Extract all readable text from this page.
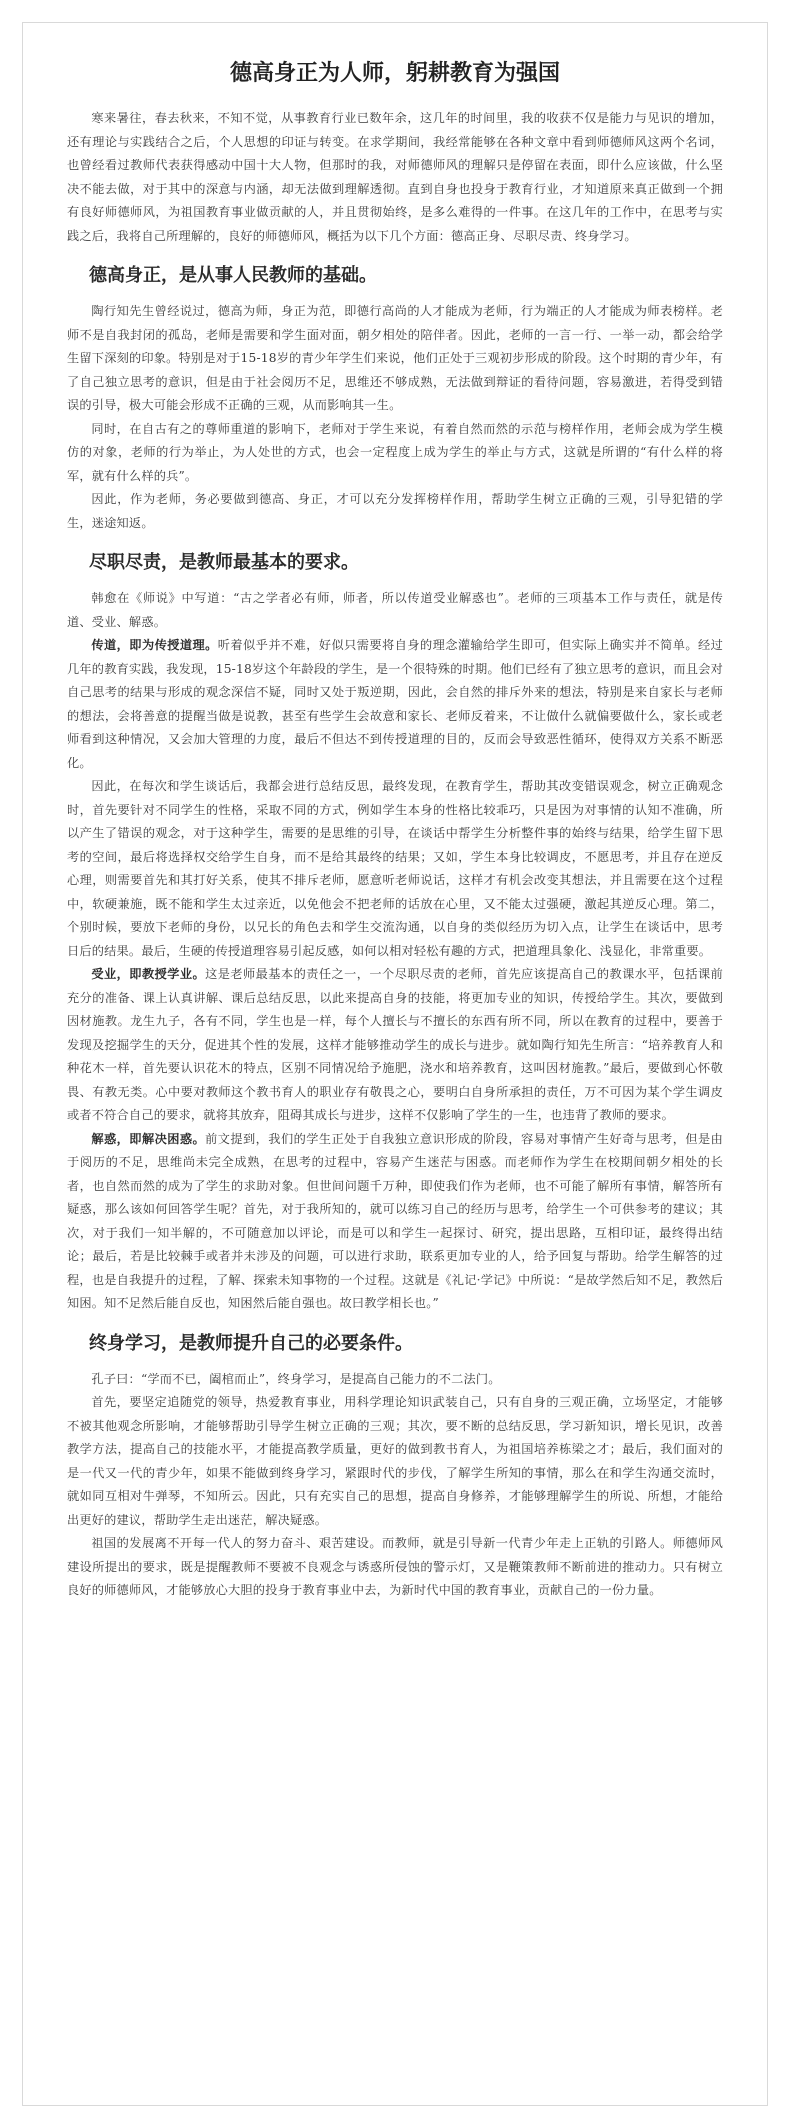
德高身正为人师，躬耕教育为强国

寒来暑往，春去秋来，不知不觉，从事教育行业已数年余，这几年的时间里，我的收获不仅是能力与见识的增加，还有理论与实践结合之后，个人思想的印证与转变。在求学期间，我经常能够在各种文章中看到师德师风这两个名词，也曾经看过教师代表获得感动中国十大人物，但那时的我，对师德师风的理解只是停留在表面，即什么应该做，什么坚决不能去做，对于其中的深意与内涵，却无法做到理解透彻。直到自身也投身于教育行业，才知道原来真正做到一个拥有良好师德师风，为祖国教育事业做贡献的人，并且贯彻始终，是多么难得的一件事。在这几年的工作中，在思考与实践之后，我将自己所理解的，良好的师德师风，概括为以下几个方面：德高正身、尽职尽责、终身学习。

德高身正，是从事人民教师的基础。

陶行知先生曾经说过，德高为师，身正为范，即德行高尚的人才能成为老师，行为端正的人才能成为师表榜样。老师不是自我封闭的孤岛，老师是需要和学生面对面，朝夕相处的陪伴者。因此，老师的一言一行、一举一动，都会给学生留下深刻的印象。特别是对于15-18岁的青少年学生们来说，他们正处于三观初步形成的阶段。这个时期的青少年，有了自己独立思考的意识，但是由于社会阅历不足，思维还不够成熟，无法做到辩证的看待问题，容易激进，若得受到错误的引导，极大可能会形成不正确的三观，从而影响其一生。

同时，在自古有之的尊师重道的影响下，老师对于学生来说，有着自然而然的示范与榜样作用，老师会成为学生模仿的对象，老师的行为举止，为人处世的方式，也会一定程度上成为学生的举止与方式，这就是所谓的“有什么样的将军，就有什么样的兵”。

因此，作为老师，务必要做到德高、身正，才可以充分发挥榜样作用，帮助学生树立正确的三观，引导犯错的学生，迷途知返。

尽职尽责，是教师最基本的要求。

韩愈在《师说》中写道：“古之学者必有师，师者，所以传道受业解惑也”。老师的三项基本工作与责任，就是传道、受业、解惑。

传道，即为传授道理。听着似乎并不难，好似只需要将自身的理念灌输给学生即可，但实际上确实并不简单。经过几年的教育实践，我发现，15-18岁这个年龄段的学生，是一个很特殊的时期。他们已经有了独立思考的意识，而且会对自己思考的结果与形成的观念深信不疑，同时又处于叛逆期，因此，会自然的排斥外来的想法，特别是来自家长与老师的想法，会将善意的提醒当做是说教，甚至有些学生会故意和家长、老师反着来，不让做什么就偏要做什么，家长或老师看到这种情况，又会加大管理的力度，最后不但达不到传授道理的目的，反而会导致恶性循环，使得双方关系不断恶化。

因此，在每次和学生谈话后，我都会进行总结反思，最终发现，在教育学生，帮助其改变错误观念，树立正确观念时，首先要针对不同学生的性格，采取不同的方式，例如学生本身的性格比较乖巧，只是因为对事情的认知不准确，所以产生了错误的观念，对于这种学生，需要的是思维的引导，在谈话中帮学生分析整件事的始终与结果，给学生留下思考的空间，最后将选择权交给学生自身，而不是给其最终的结果；又如，学生本身比较调皮，不愿思考，并且存在逆反心理，则需要首先和其打好关系，使其不排斥老师，愿意听老师说话，这样才有机会改变其想法，并且需要在这个过程中，软硬兼施，既不能和学生太过亲近，以免他会不把老师的话放在心里，又不能太过强硬，激起其逆反心理。第二，个别时候，要放下老师的身份，以兄长的角色去和学生交流沟通，以自身的类似经历为切入点，让学生在谈话中，思考日后的结果。最后，生硬的传授道理容易引起反感，如何以相对轻松有趣的方式，把道理具象化、浅显化，非常重要。

受业，即教授学业。这是老师最基本的责任之一，一个尽职尽责的老师，首先应该提高自己的教课水平，包括课前充分的准备、课上认真讲解、课后总结反思，以此来提高自身的技能，将更加专业的知识，传授给学生。其次，要做到因材施教。龙生九子，各有不同，学生也是一样，每个人擅长与不擅长的东西有所不同，所以在教育的过程中，要善于发现及挖掘学生的天分，促进其个性的发展，这样才能够推动学生的成长与进步。就如陶行知先生所言：“培养教育人和种花木一样，首先要认识花木的特点，区别不同情况给予施肥，浇水和培养教育，这叫因材施教。”最后，要做到心怀敬畏、有教无类。心中要对教师这个教书育人的职业存有敬畏之心，要明白自身所承担的责任，万不可因为某个学生调皮或者不符合自己的要求，就将其放弃，阻碍其成长与进步，这样不仅影响了学生的一生，也违背了教师的要求。

解惑，即解决困惑。前文提到，我们的学生正处于自我独立意识形成的阶段，容易对事情产生好奇与思考，但是由于阅历的不足，思维尚未完全成熟，在思考的过程中，容易产生迷茫与困惑。而老师作为学生在校期间朝夕相处的长者，也自然而然的成为了学生的求助对象。但世间问题千万种，即使我们作为老师，也不可能了解所有事情，解答所有疑惑，那么该如何回答学生呢？首先，对于我所知的，就可以练习自己的经历与思考，给学生一个可供参考的建议；其次，对于我们一知半解的，不可随意加以评论，而是可以和学生一起探讨、研究，提出思路，互相印证，最终得出结论；最后，若是比较棘手或者并未涉及的问题，可以进行求助，联系更加专业的人，给予回复与帮助。给学生解答的过程，也是自我提升的过程，了解、探索未知事物的一个过程。这就是《礼记·学记》中所说：“是故学然后知不足，教然后知困。知不足然后能自反也，知困然后能自强也。故曰教学相长也。”

终身学习，是教师提升自己的必要条件。

孔子曰：“学而不已，阖棺而止”，终身学习，是提高自己能力的不二法门。

首先，要坚定追随党的领导，热爱教育事业，用科学理论知识武装自己，只有自身的三观正确，立场坚定，才能够不被其他观念所影响，才能够帮助引导学生树立正确的三观；其次，要不断的总结反思，学习新知识，增长见识，改善教学方法，提高自己的技能水平，才能提高教学质量，更好的做到教书育人，为祖国培养栋梁之才；最后，我们面对的是一代又一代的青少年，如果不能做到终身学习，紧跟时代的步伐，了解学生所知的事情，那么在和学生沟通交流时，就如同互相对牛弹琴，不知所云。因此，只有充实自己的思想，提高自身修养，才能够理解学生的所说、所想，才能给出更好的建议，帮助学生走出迷茫，解决疑惑。

祖国的发展离不开每一代人的努力奋斗、艰苦建设。而教师，就是引导新一代青少年走上正轨的引路人。师德师风建设所提出的要求，既是提醒教师不要被不良观念与诱惑所侵蚀的警示灯，又是鞭策教师不断前进的推动力。只有树立良好的师德师风，才能够放心大胆的投身于教育事业中去，为新时代中国的教育事业，贡献自己的一份力量。
